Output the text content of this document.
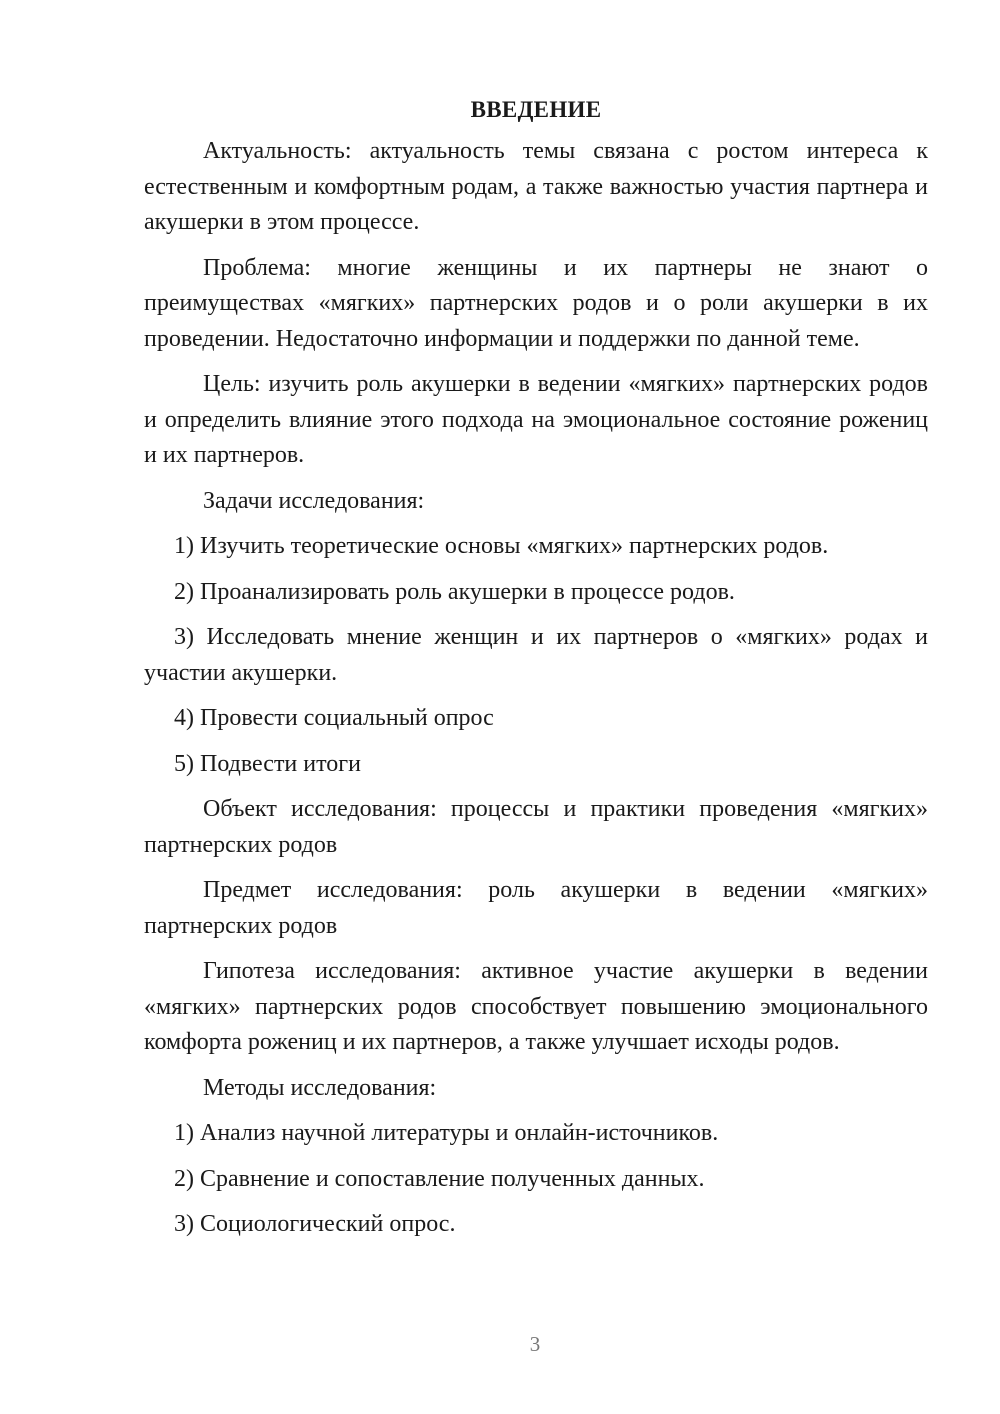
ВВЕДЕНИЕ

Актуальность: актуальность темы связана с ростом интереса к естественным и комфортным родам, а также важностью участия партнера и акушерки в этом процессе.

Проблема: многие женщины и их партнеры не знают о преимуществах «мягких» партнерских родов и о роли акушерки в их проведении. Недостаточно информации и поддержки по данной теме.

Цель: изучить роль акушерки в ведении «мягких» партнерских родов и определить влияние этого подхода на эмоциональное состояние рожениц и их партнеров.

Задачи исследования:

1) Изучить теоретические основы «мягких» партнерских родов.

2) Проанализировать роль акушерки в процессе родов.

3) Исследовать мнение женщин и их партнеров о «мягких» родах и участии акушерки.

4) Провести социальный опрос

5) Подвести итоги

Объект исследования: процессы и практики проведения «мягких» партнерских родов

Предмет исследования: роль акушерки в ведении «мягких» партнерских родов

Гипотеза исследования: активное участие акушерки в ведении «мягких» партнерских родов способствует повышению эмоционального комфорта рожениц и их партнеров, а также улучшает исходы родов.

Методы исследования:

1) Анализ научной литературы и онлайн-источников.

2) Сравнение и сопоставление полученных данных.

3) Социологический опрос.

3
